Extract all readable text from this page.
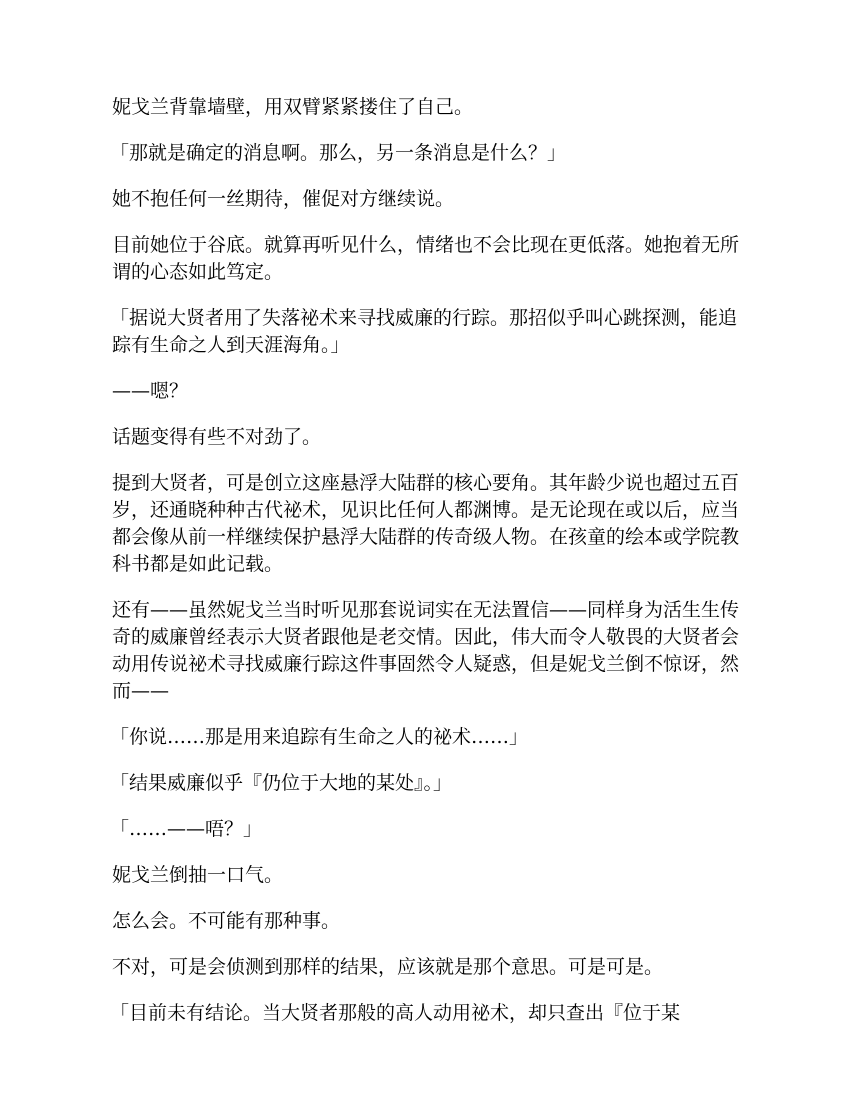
妮戈兰背靠墙壁，用双臂紧紧搂住了自己。

「那就是确定的消息啊。那么，另一条消息是什么？」

她不抱任何一丝期待，催促对方继续说。

目前她位于谷底。就算再听见什么，情绪也不会比现在更低落。她抱着无所谓的心态如此笃定。

「据说大贤者用了失落祕术来寻找威廉的行踪。那招似乎叫心跳探测，能追踪有生命之人到天涯海角。」

——嗯？

话题变得有些不对劲了。

提到大贤者，可是创立这座悬浮大陆群的核心要角。其年龄少说也超过五百岁，还通晓种种古代祕术，见识比任何人都渊博。是无论现在或以后，应当都会像从前一样继续保护悬浮大陆群的传奇级人物。在孩童的绘本或学院教科书都是如此记载。

还有——虽然妮戈兰当时听见那套说词实在无法置信——同样身为活生生传奇的威廉曾经表示大贤者跟他是老交情。因此，伟大而令人敬畏的大贤者会动用传说祕术寻找威廉行踪这件事固然令人疑惑，但是妮戈兰倒不惊讶，然而——

「你说……那是用来追踪有生命之人的祕术……」

「结果威廉似乎『仍位于大地的某处』。」

「……——唔？」

妮戈兰倒抽一口气。

怎么会。不可能有那种事。

不对，可是会侦测到那样的结果，应该就是那个意思。可是可是。

「目前未有结论。当大贤者那般的高人动用祕术，却只查出『位于某
